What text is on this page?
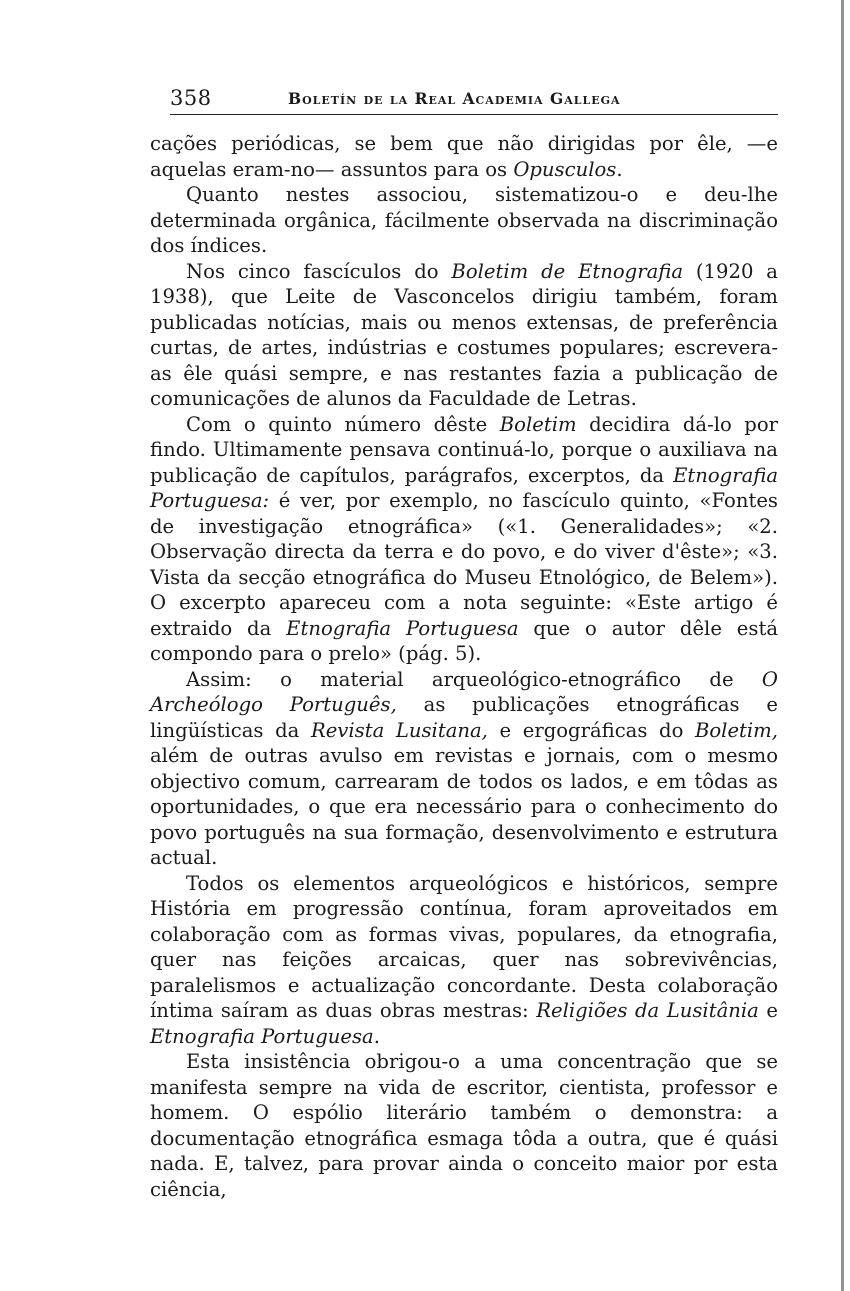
358	Boletín de la Real Academia Gallega

cações periódicas, se bem que não dirigidas por êle, —e aquelas eram-no— assuntos para os Opusculos.

Quanto nestes associou, sistematizou-o e deu-lhe determinada orgânica, fácilmente observada na discriminação dos índices.

Nos cinco fascículos do Boletim de Etnografia (1920 a 1938), que Leite de Vasconcelos dirigiu também, foram publicadas notícias, mais ou menos extensas, de preferência curtas, de artes, indústrias e costumes populares; escrevera-as êle quási sempre, e nas restantes fazia a publicação de comunicações de alunos da Faculdade de Letras.

Com o quinto número dêste Boletim decidira dá-lo por findo. Ultimamente pensava continuá-lo, porque o auxiliava na publicação de capítulos, parágrafos, excerptos, da Etnografia Portuguesa: é ver, por exemplo, no fascículo quinto, «Fontes de investigação etnográfica» («1. Generalidades»; «2. Observação directa da terra e do povo, e do viver d'êste»; «3. Vista da secção etnográfica do Museu Etnológico, de Belem»). O excerpto apareceu com a nota seguinte: «Este artigo é extraido da Etnografia Portuguesa que o autor dêle está compondo para o prelo» (pág. 5).

Assim: o material arqueológico-etnográfico de O Archeólogo Português, as publicações etnográficas e lingüísticas da Revista Lusitana, e ergográficas do Boletim, além de outras avulso em revistas e jornais, com o mesmo objectivo comum, carrearam de todos os lados, e em tôdas as oportunidades, o que era necessário para o conhecimento do povo português na sua formação, desenvolvimento e estrutura actual.

Todos os elementos arqueológicos e históricos, sempre História em progressão contínua, foram aproveitados em colaboração com as formas vivas, populares, da etnografia, quer nas feições arcaicas, quer nas sobrevivências, paralelismos e actualização concordante. Desta colaboração íntima saíram as duas obras mestras: Religiões da Lusitânia e Etnografia Portuguesa.

Esta insistência obrigou-o a uma concentração que se manifesta sempre na vida de escritor, cientista, professor e homem. O espólio literário também o demonstra: a documentação etnográfica esmaga tôda a outra, que é quási nada. E, talvez, para provar ainda o conceito maior por esta ciência,
